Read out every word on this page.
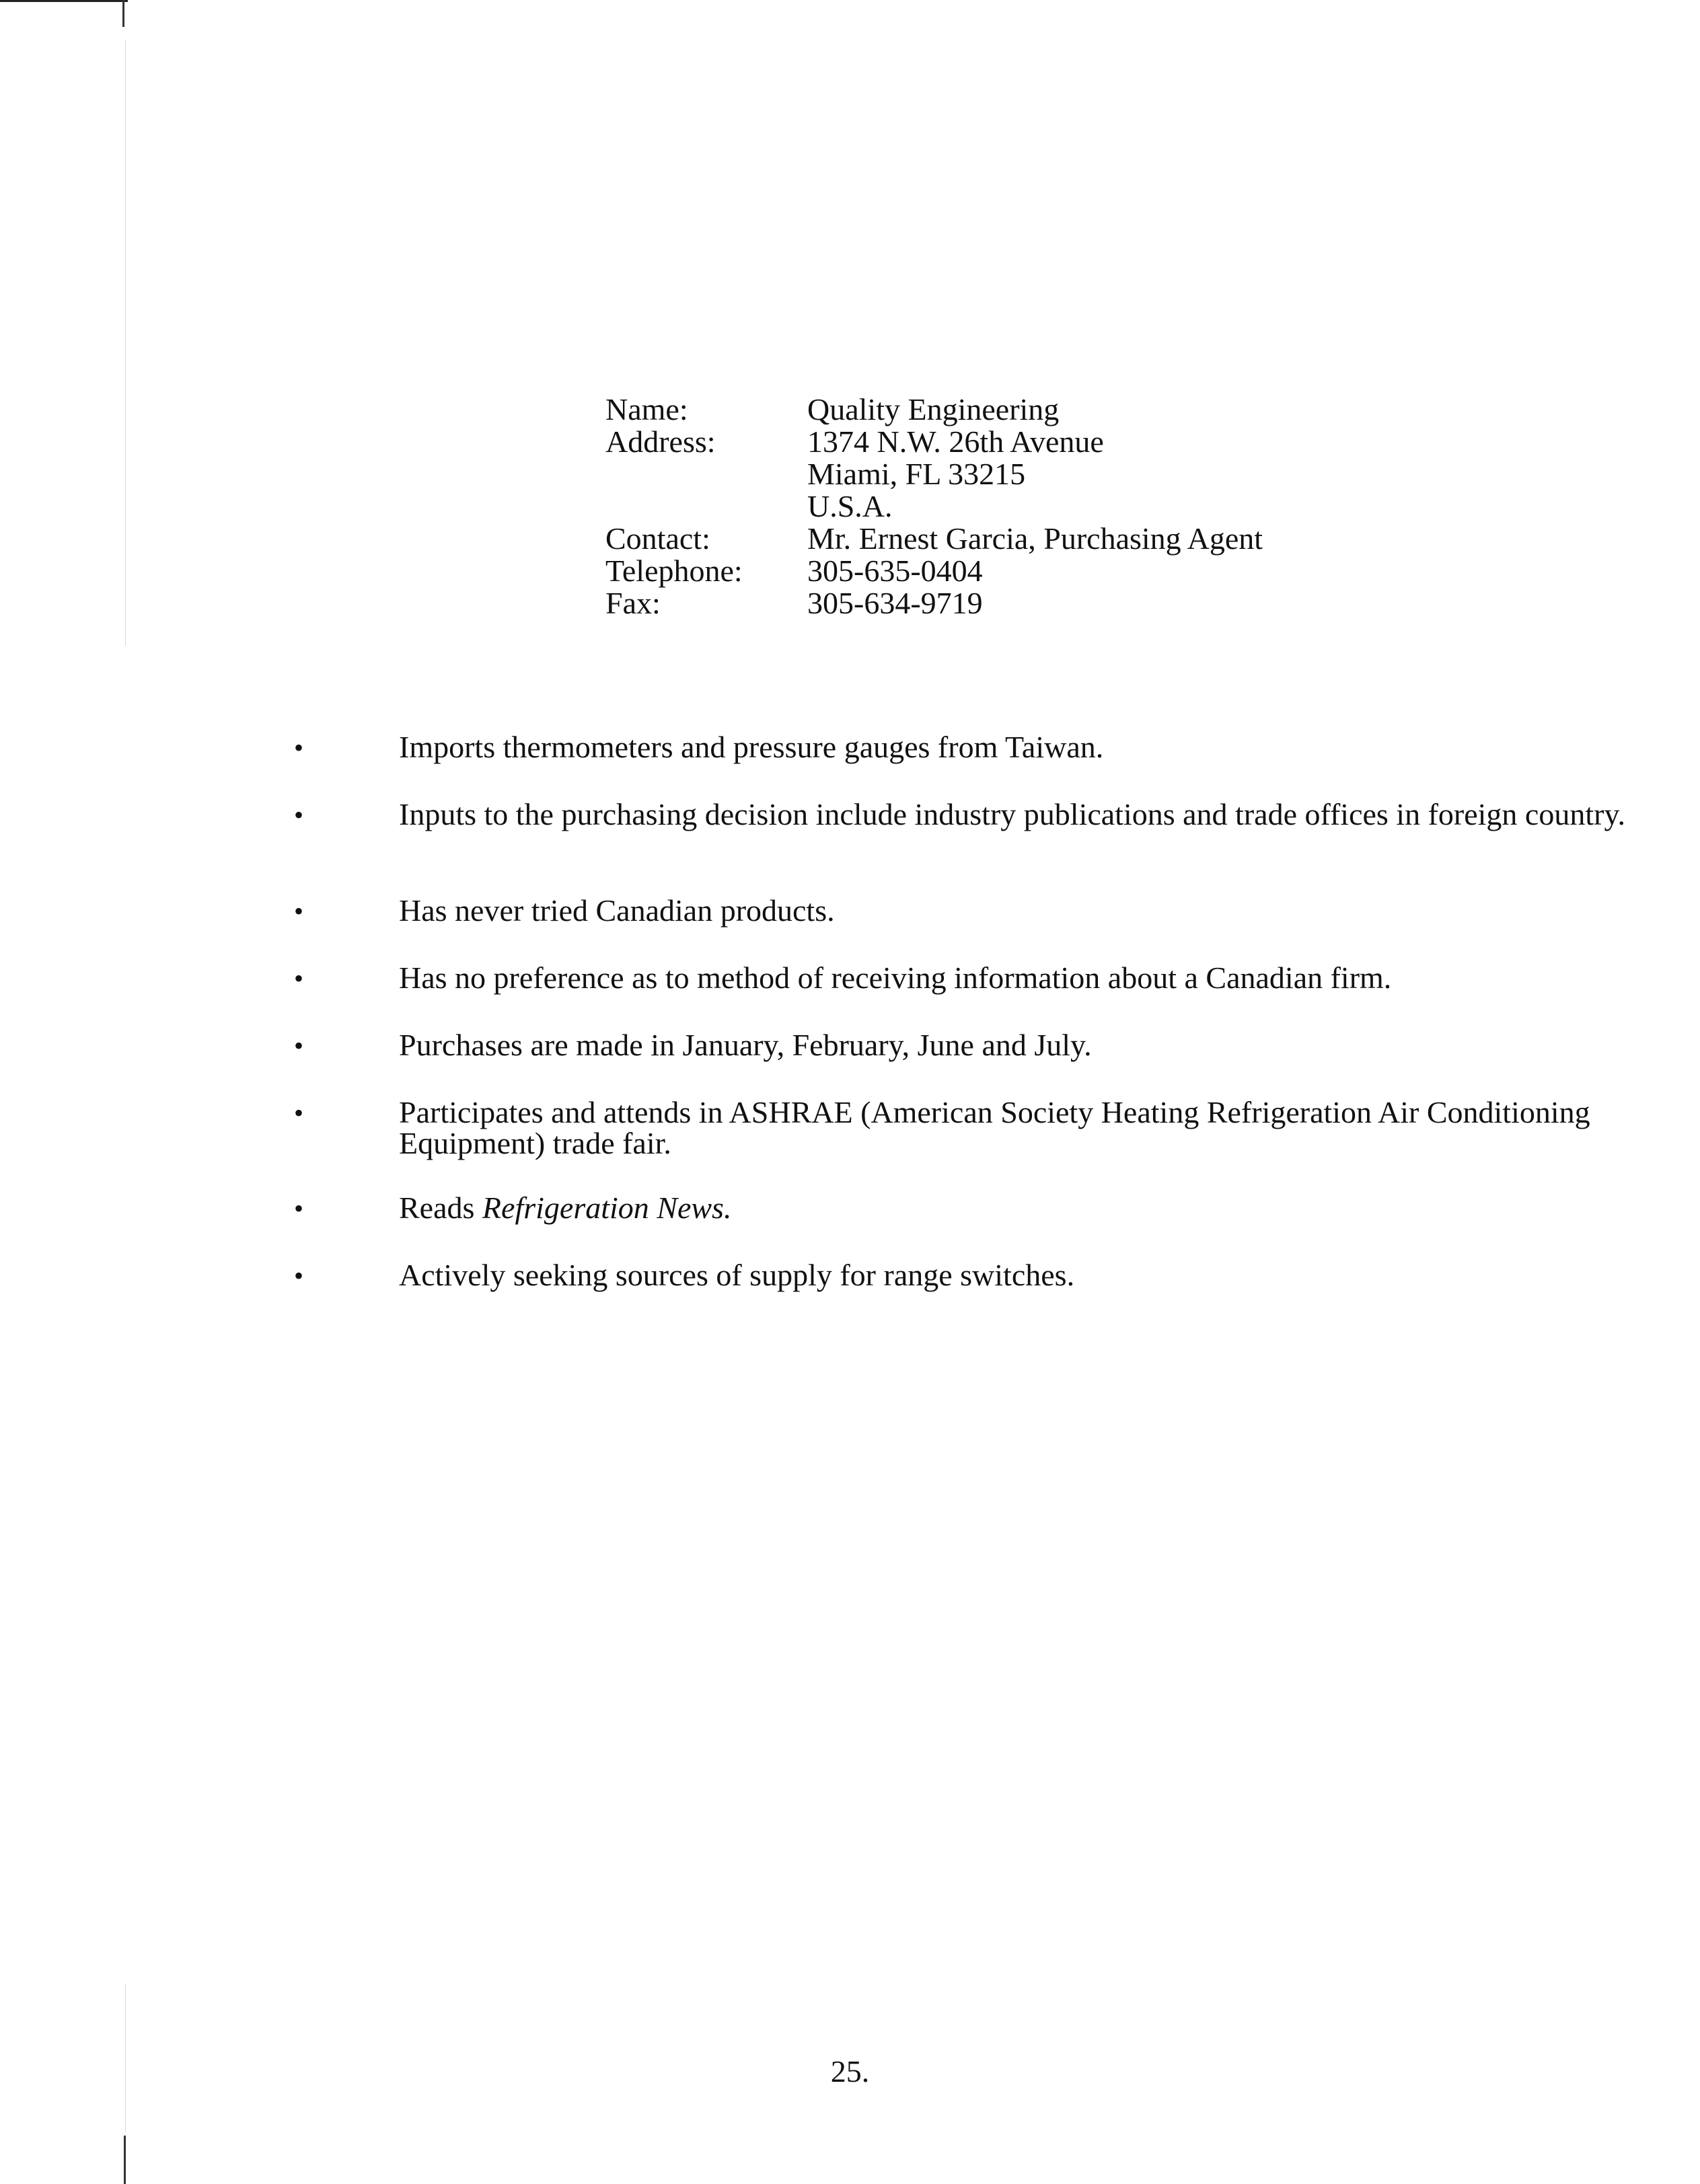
Name:	Quality Engineering
Address:	1374 N.W. 26th Avenue
Miami, FL 33215
U.S.A.
Contact:	Mr. Ernest Garcia, Purchasing Agent
Telephone: 305-635-0404
Fax:	305-634-9719
•	Imports thermometers and pressure gauges from Taiwan.
•	Inputs to the purchasing decision include industry publications and trade offices in foreign country.
•	Has never tried Canadian products.
•	Has no preference as to method of receiving information about a Canadian firm.
•	Purchases are made in January, February, June and July.
•	Participates and attends in ASHRAE (American Society Heating Refrigeration Air Conditioning Equipment) trade fair.
•	Reads Refrigeration News.
•	Actively seeking sources of supply for range switches.
25.
